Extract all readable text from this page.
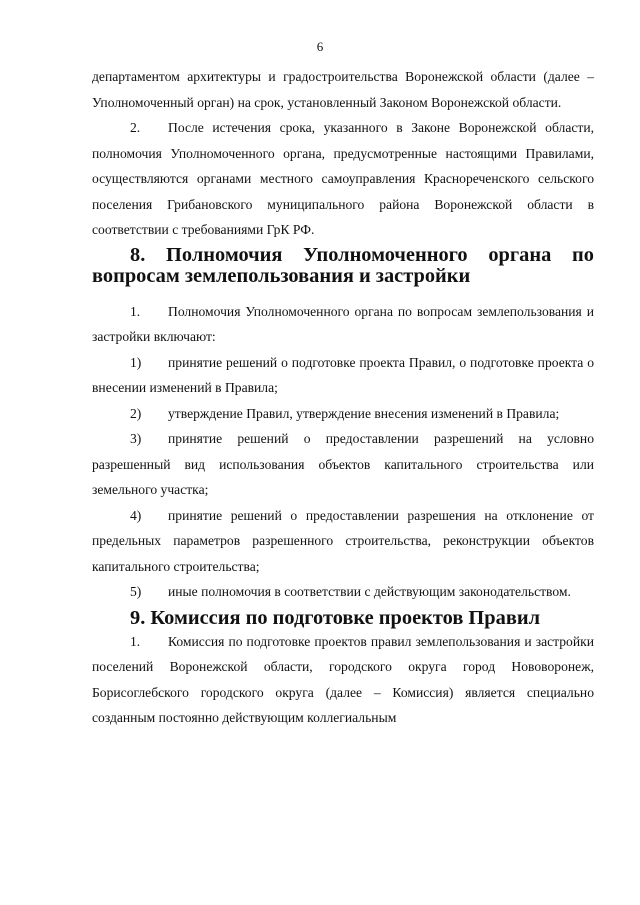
6

департаментом архитектуры и градостроительства Воронежской области (далее – Уполномоченный орган) на срок, установленный Законом Воронежской области.

2. После истечения срока, указанного в Законе Воронежской области, полномочия Уполномоченного органа, предусмотренные настоящими Правилами, осуществляются органами местного самоуправления Краснореченского сельского поселения Грибановского муниципального района Воронежской области в соответствии с требованиями ГрК РФ.

8. Полномочия Уполномоченного органа по вопросам землепользования и застройки

1. Полномочия Уполномоченного органа по вопросам землепользования и застройки включают:

1) принятие решений о подготовке проекта Правил, о подготовке проекта о внесении изменений в Правила;

2) утверждение Правил, утверждение внесения изменений в Правила;

3) принятие решений о предоставлении разрешений на условно разрешенный вид использования объектов капитального строительства или земельного участка;

4) принятие решений о предоставлении разрешения на отклонение от предельных параметров разрешенного строительства, реконструкции объектов капитального строительства;

5) иные полномочия в соответствии с действующим законодательством.

9. Комиссия по подготовке проектов Правил

1. Комиссия по подготовке проектов правил землепользования и застройки поселений Воронежской области, городского округа город Нововоронеж, Борисоглебского городского округа (далее – Комиссия) является специально созданным постоянно действующим коллегиальным
